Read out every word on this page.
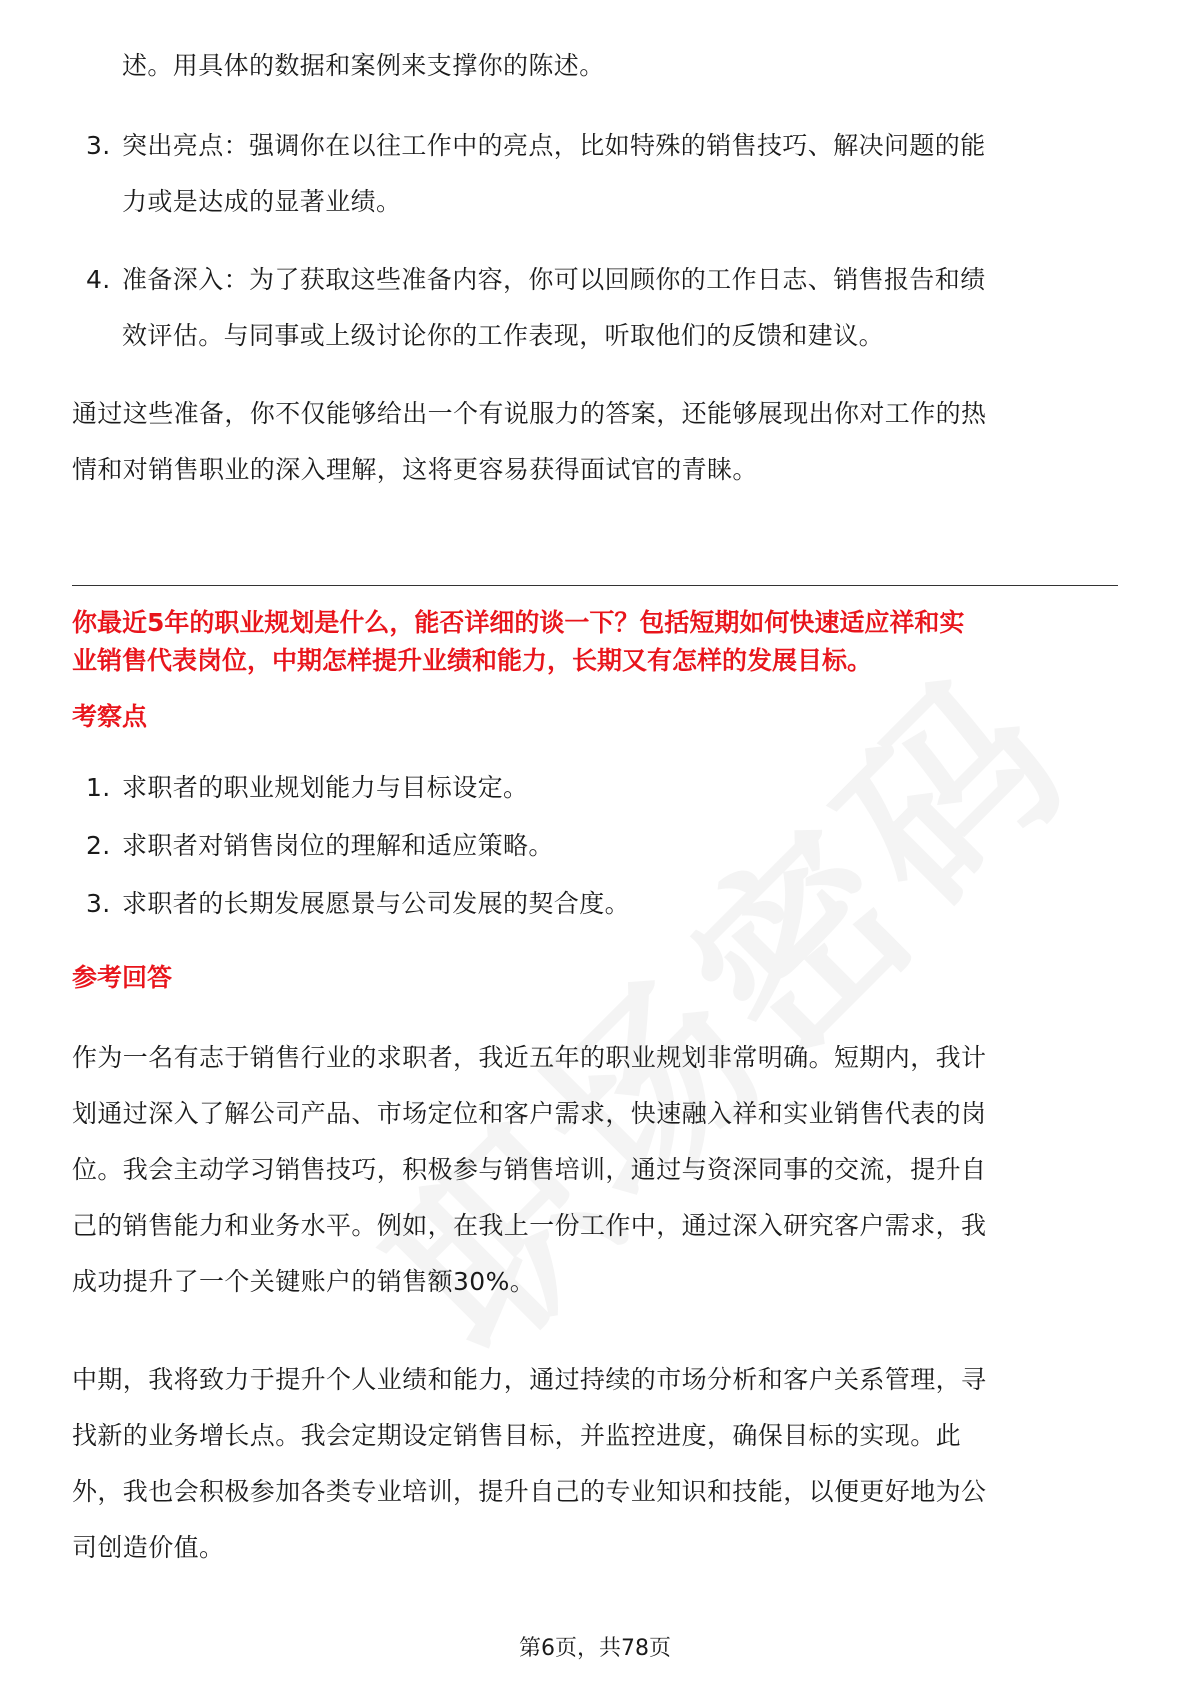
述。用具体的数据和案例来支撑你的陈述。
3. 突出亮点：强调你在以往工作中的亮点，比如特殊的销售技巧、解决问题的能
力或是达成的显著业绩。
4. 准备深入：为了获取这些准备内容，你可以回顾你的工作日志、销售报告和绩
效评估。与同事或上级讨论你的工作表现，听取他们的反馈和建议。
通过这些准备，你不仅能够给出一个有说服力的答案，还能够展现出你对工作的热
情和对销售职业的深入理解，这将更容易获得面试官的青睐。
你最近5年的职业规划是什么，能否详细的谈一下？包括短期如何快速适应祥和实
业销售代表岗位，中期怎样提升业绩和能力，长期又有怎样的发展目标。
考察点
1. 求职者的职业规划能力与目标设定。
2. 求职者对销售岗位的理解和适应策略。
3. 求职者的长期发展愿景与公司发展的契合度。
参考回答
作为一名有志于销售行业的求职者，我近五年的职业规划非常明确。短期内，我计
划通过深入了解公司产品、市场定位和客户需求，快速融入祥和实业销售代表的岗
位。我会主动学习销售技巧，积极参与销售培训，通过与资深同事的交流，提升自
己的销售能力和业务水平。例如，在我上一份工作中，通过深入研究客户需求，我
成功提升了一个关键账户的销售额30%。
中期，我将致力于提升个人业绩和能力，通过持续的市场分析和客户关系管理，寻
找新的业务增长点。我会定期设定销售目标，并监控进度，确保目标的实现。此
外，我也会积极参加各类专业培训，提升自己的专业知识和技能，以便更好地为公
司创造价值。
第6页，共78页
